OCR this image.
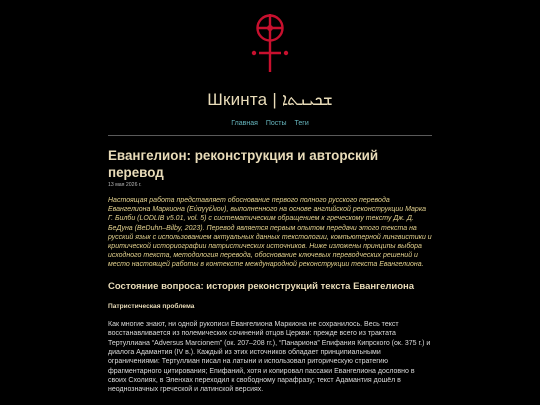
Шкинта | ܫܟܝܢܬܐ
Главная Посты Теги
Евангелион: реконструкция и авторский перевод
13 мая 2026 г.
Настоящая работа представляет обоснование первого полного русского перевода Евангелиона Маркиона (Εὐαγγέλιον), выполненного на основе английской реконструкции Марка Г. Билби (LODLIB v5.01, vol. 5) с систематическим обращением к греческому тексту Дж. Д. БеДуна (BeDuhn–Bilby, 2023). Перевод является первым опытом передачи этого текста на русский язык с использованием актуальных данных текстологии, компьютерной лингвистики и критической историографии патристических источников. Ниже изложены принципы выбора исходного текста, методология перевода, обоснование ключевых переводческих решений и место настоящей работы в контексте международной реконструкции текста Евангелиона.
Состояние вопроса: история реконструкций текста Евангелиона
Патристическая проблема
Как многие знают, ни одной рукописи Евангелиона Маркиона не сохранилось. Весь текст восстанавливается из полемических сочинений отцов Церкви: прежде всего из трактата Тертуллиана “Adversus Marcionem” (ок. 207–208 гг.), “Панариона” Епифания Кипрского (ок. 375 г.) и диалога Адамантия (IV в.). Каждый из этих источников обладает принципиальными ограничениями: Тертуллиан писал на латыни и использовал риторическую стратегию фрагментарного цитирования; Епифаний, хотя и копировал пассажи Евангелиона дословно в своих Схолиях, в Эленхах переходил к свободному парафразу; текст Адамантия дошёл в неоднозначных греческой и латинской версиях.
